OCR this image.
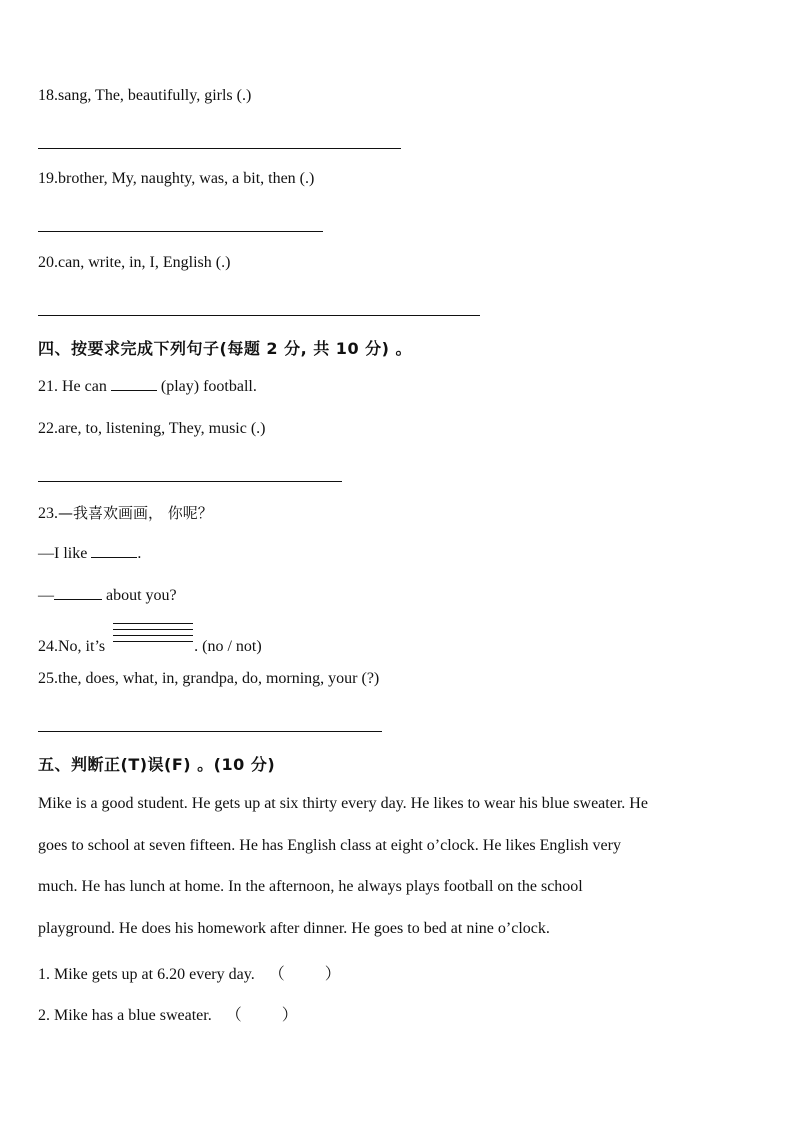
18.sang, The, beautifully, girls (.)
19.brother, My, naughty, was, a bit, then (.)
20.can, write, in, I, English (.)
四、按要求完成下列句子(每题 2 分, 共 10 分) 。
21. He can	(play) football.
22.are, to, listening, They, music (.)
23.—我喜欢画画， 你呢？
—I like	.
—	about you?
24.No, it’s	. (no / not)
25.the, does, what, in, grandpa, do, morning, your (?)
五、判断正(T)误(F) 。(10 分)
Mike is a good student. He gets up at six thirty every day. He likes to wear his blue sweater. He
goes to school at seven fifteen. He has English class at eight o’clock. He likes English very
much. He has lunch at home. In the afternoon, he always plays football on the school
playground. He does his homework after dinner. He goes to bed at nine o’clock.
1. Mike gets up at 6.20 every day. （	）
2. Mike has a blue sweater. （	）
